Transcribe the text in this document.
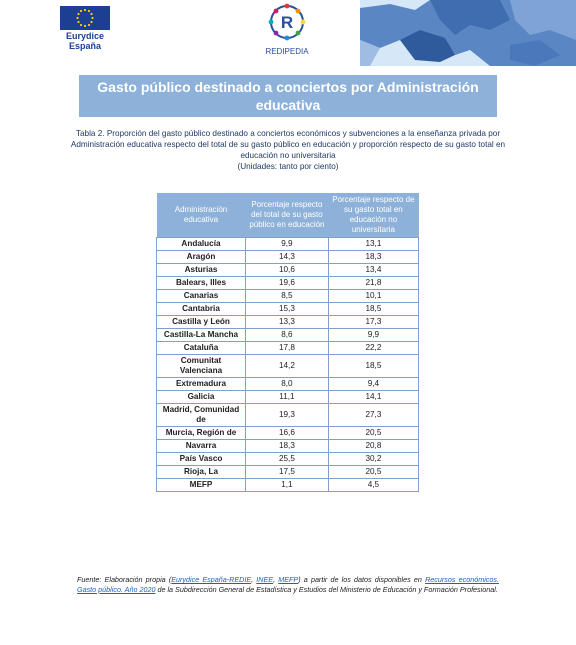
Eurydice
España
R
REDIPEDIA
Gasto público destinado a conciertos por Administración educativa
Tabla 2. Proporción del gasto público destinado a conciertos económicos y subvenciones a la enseñanza privada por Administración educativa respecto del total de su gasto público en educación y proporción respecto de su gasto total en educación no universitaria
(Unidades: tanto por ciento)
Administración educativa	Porcentaje respecto del total de su gasto público en educación	Porcentaje respecto de su gasto total en educación no universitaria
Andalucía	9,9	13,1
Aragón	14,3	18,3
Asturias	10,6	13,4
Balears, Illes	19,6	21,8
Canarias	8,5	10,1
Cantabria	15,3	18,5
Castilla y León	13,3	17,3
Castilla-La Mancha	8,6	9,9
Cataluña	17,8	22,2
Comunitat Valenciana	14,2	18,5
Extremadura	8,0	9,4
Galicia	11,1	14,1
Madrid, Comunidad de	19,3	27,3
Murcia, Región de	16,6	20,5
Navarra	18,3	20,8
País Vasco	25,5	30,2
Rioja, La	17,5	20,5
MEFP	1,1	4,5
Fuente: Elaboración propia (Eurydice España-REDIE, INEE, MEFP) a partir de los datos disponibles en Recursos económicos. Gasto público. Año 2020 de la Subdirección General de Estadística y Estudios del Ministerio de Educación y Formación Profesional.
